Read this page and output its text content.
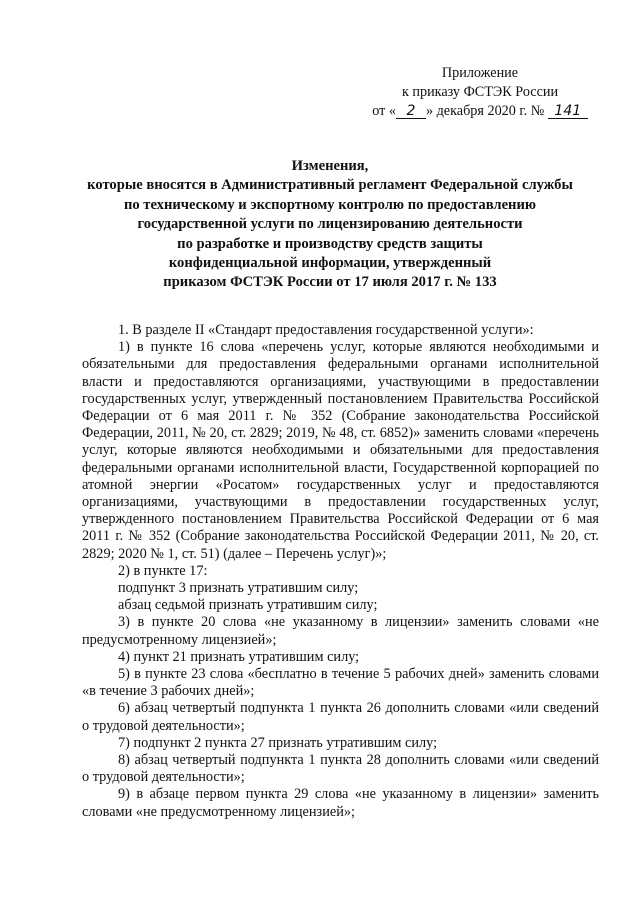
Приложение
к приказу ФСТЭК России
от « 2 » декабря 2020 г. № 141
Изменения,
которые вносятся в Административный регламент Федеральной службы
по техническому и экспортному контролю по предоставлению
государственной услуги по лицензированию деятельности
по разработке и производству средств защиты
конфиденциальной информации, утвержденный
приказом ФСТЭК России от 17 июля 2017 г. № 133

1. В разделе II «Стандарт предоставления государственной услуги»:

1) в пункте 16 слова «перечень услуг, которые являются необходимыми и обязательными для предоставления федеральными органами исполнительной власти и предоставляются организациями, участвующими в предоставлении государственных услуг, утвержденный постановлением Правительства Российской Федерации от 6 мая 2011 г. № 352 (Собрание законодательства Российской Федерации, 2011, № 20, ст. 2829; 2019, № 48, ст. 6852)» заменить словами «перечень услуг, которые являются необходимыми и обязательными для предоставления федеральными органами исполнительной власти, Государственной корпорацией по атомной энергии «Росатом» государственных услуг и предоставляются организациями, участвующими в предоставлении государственных услуг, утвержденного постановлением Правительства Российской Федерации от 6 мая 2011 г. № 352 (Собрание законодательства Российской Федерации 2011, № 20, ст. 2829; 2020 № 1, ст. 51) (далее – Перечень услуг)»;

2) в пункте 17:

подпункт 3 признать утратившим силу;

абзац седьмой признать утратившим силу;

3) в пункте 20 слова «не указанному в лицензии» заменить словами «не предусмотренному лицензией»;

4) пункт 21 признать утратившим силу;

5) в пункте 23 слова «бесплатно в течение 5 рабочих дней» заменить словами «в течение 3 рабочих дней»;

6) абзац четвертый подпункта 1 пункта 26 дополнить словами «или сведений о трудовой деятельности»;

7) подпункт 2 пункта 27 признать утратившим силу;

8) абзац четвертый подпункта 1 пункта 28 дополнить словами «или сведений о трудовой деятельности»;

9) в абзаце первом пункта 29 слова «не указанному в лицензии» заменить словами «не предусмотренному лицензией»;
